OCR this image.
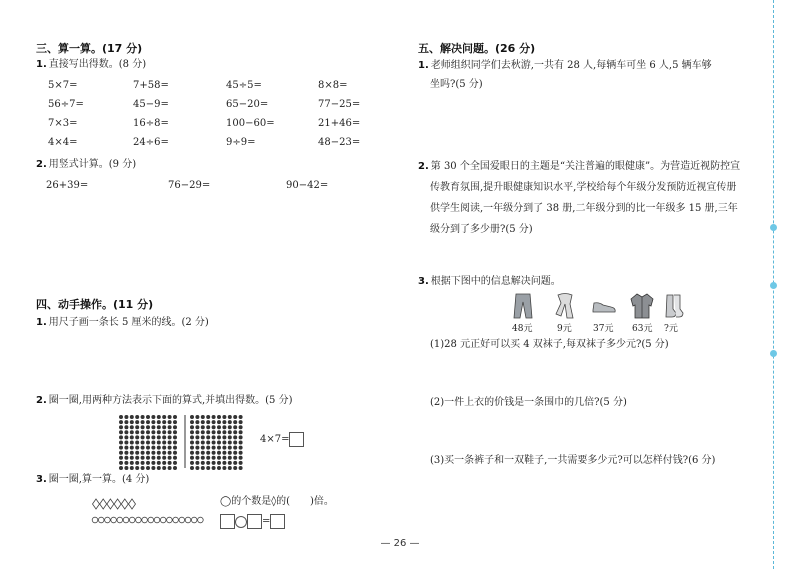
三、算一算。(17 分)
1. 直接写出得数。(8 分)
5×7=	7+58=	45÷5=	8×8=
56÷7=	45−9=	65−20=	77−25=
7×3=	16÷8=	100−60=	21+46=
4×4=	24÷6=	9÷9=	48−23=
2. 用竖式计算。(9 分)
26+39=	76−29=	90−42=
四、动手操作。(11 分)
1. 用尺子画一条长 5 厘米的线。(2 分)
2. 圈一圈,用两种方法表示下面的算式,并填出得数。(5 分)
4×7=
3. 圈一圈,算一算。(4 分)
◯的个数是◊的(　　)倍。
=
五、解决问题。(26 分)
1. 老师组织同学们去秋游,一共有 28 人,每辆车可坐 6 人,5 辆车够
坐吗?(5 分)
2. 第 30 个全国爱眼日的主题是“关注普遍的眼健康”。为营造近视防控宣
传教育氛围,提升眼健康知识水平,学校给每个年级分发预防近视宣传册
供学生阅读,一年级分到了 38 册,二年级分到的比一年级多 15 册,三年
级分到了多少册?(5 分)
3. 根据下图中的信息解决问题。
48元	9元 37元 63元 ?元
(1)28 元正好可以买 4 双袜子,每双袜子多少元?(5 分)
(2)一件上衣的价钱是一条围巾的几倍?(5 分)
(3)买一条裤子和一双鞋子,一共需要多少元?可以怎样付钱?(6 分)
— 26 —
